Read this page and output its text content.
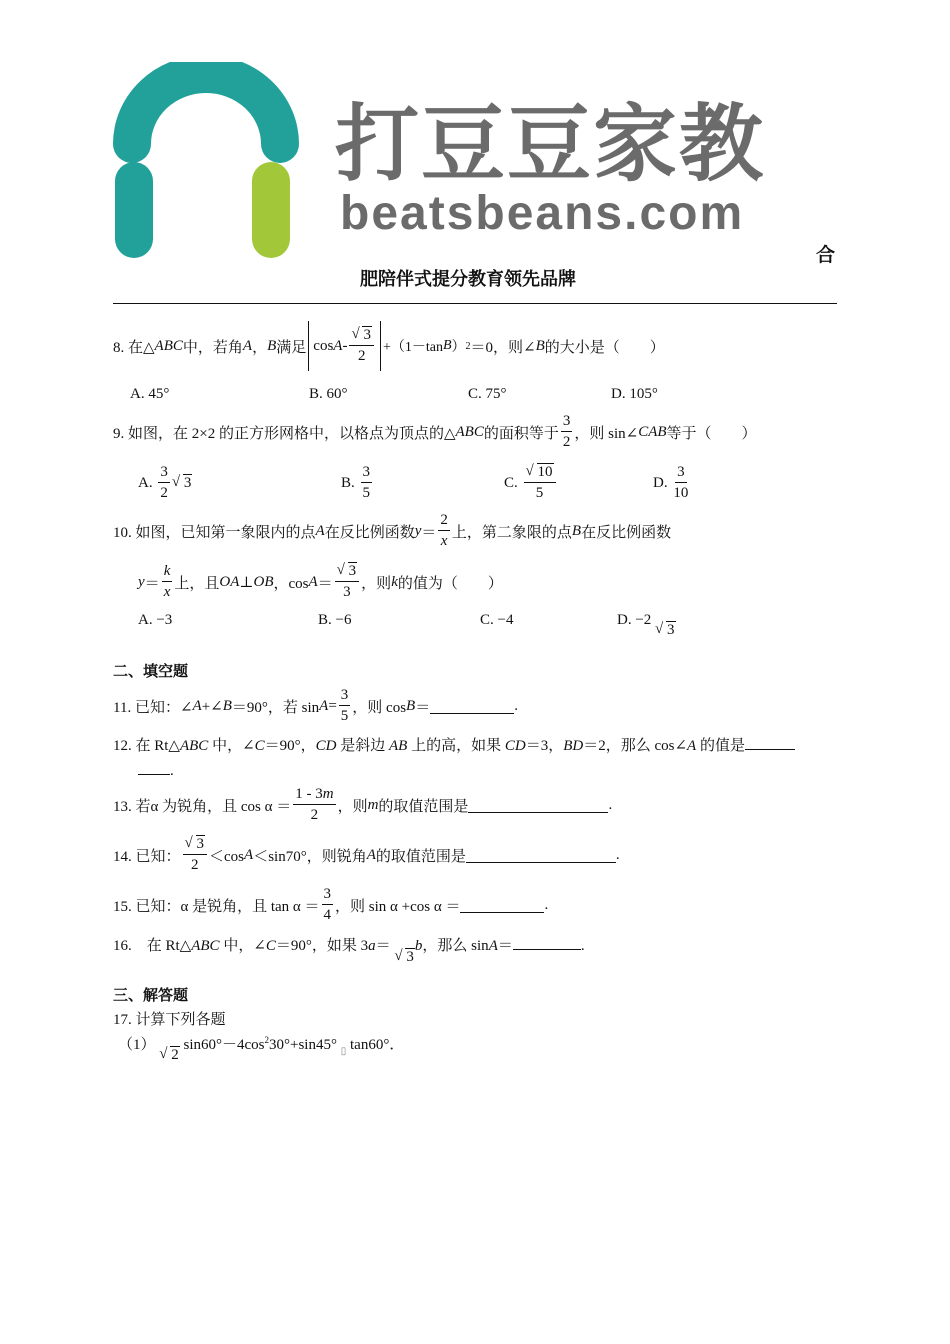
打豆豆家教
beatsbeans.com
合
肥陪伴式提分教育领先品牌
8. 在△ ABC 中，若角 A ， B 满足 cos A - √ $\frac{3}{2} +(1-\tan$ B ） 2 ＝0，则∠ B 的大小是（　　）
A. 45°	B. 60°	C. 75°	D. 105°
9. 如图，在 2×2 的正方形网格中，以格点为顶点的△ ABC 的面积等于 $\frac{3}{2}$ ，则 sin∠ CAB 等于（　　）
A.
$\frac{3}{2}$ √ 3	B.
$\frac{3}{5}$	C.
√ $\frac{10}{5}$	D.
$\frac{3}{10}$
10. 如图，已知第一象限内的点 A 在反比例函数 $y = \frac{2}{x}$ 上，第二象限的点 B 在反比例函数
$y = \frac{k}{x}$ 上，且 OA ⊥ OB ，cos A ＝ √ $\frac{3}{3}$ ，则 k 的值为（　　）
A. −3	B. −6	C. −4	D. −2 √ 3
二、填空题
11. 已知：∠ A +∠ B ＝90°，若 $\sin A = \frac{3}{5}$ ，则 cos B ＝	.
12. 在 Rt△ABC 中，∠C＝90°，CD 是斜边 AB 上的高，如果 CD＝3，BD＝2，那么 cos∠A 的值是
.
13. 若α 为锐角，且 $\cos \alpha = \frac{1 - 3m}{2}$ ，则 m 的取值范围是	.
14. 已知： √ $\frac{3}{2} <\cos$ A ＜sin70°，则锐角 A 的取值范围是	.
15. 已知：α 是锐角，且 $\tan \alpha = \frac{3}{4}$ ，则 sin α +cos α ＝	.
16.　在 Rt△ABC 中，∠C＝90°，如果 3a＝ √ 3b，那么 sinA＝	.
三、解答题
17. 计算下列各题
（1） √ 2 $\sin 60^\circ-4\cos^230^\circ+\sin 45^\circ$ $_▯$ tan60°．
